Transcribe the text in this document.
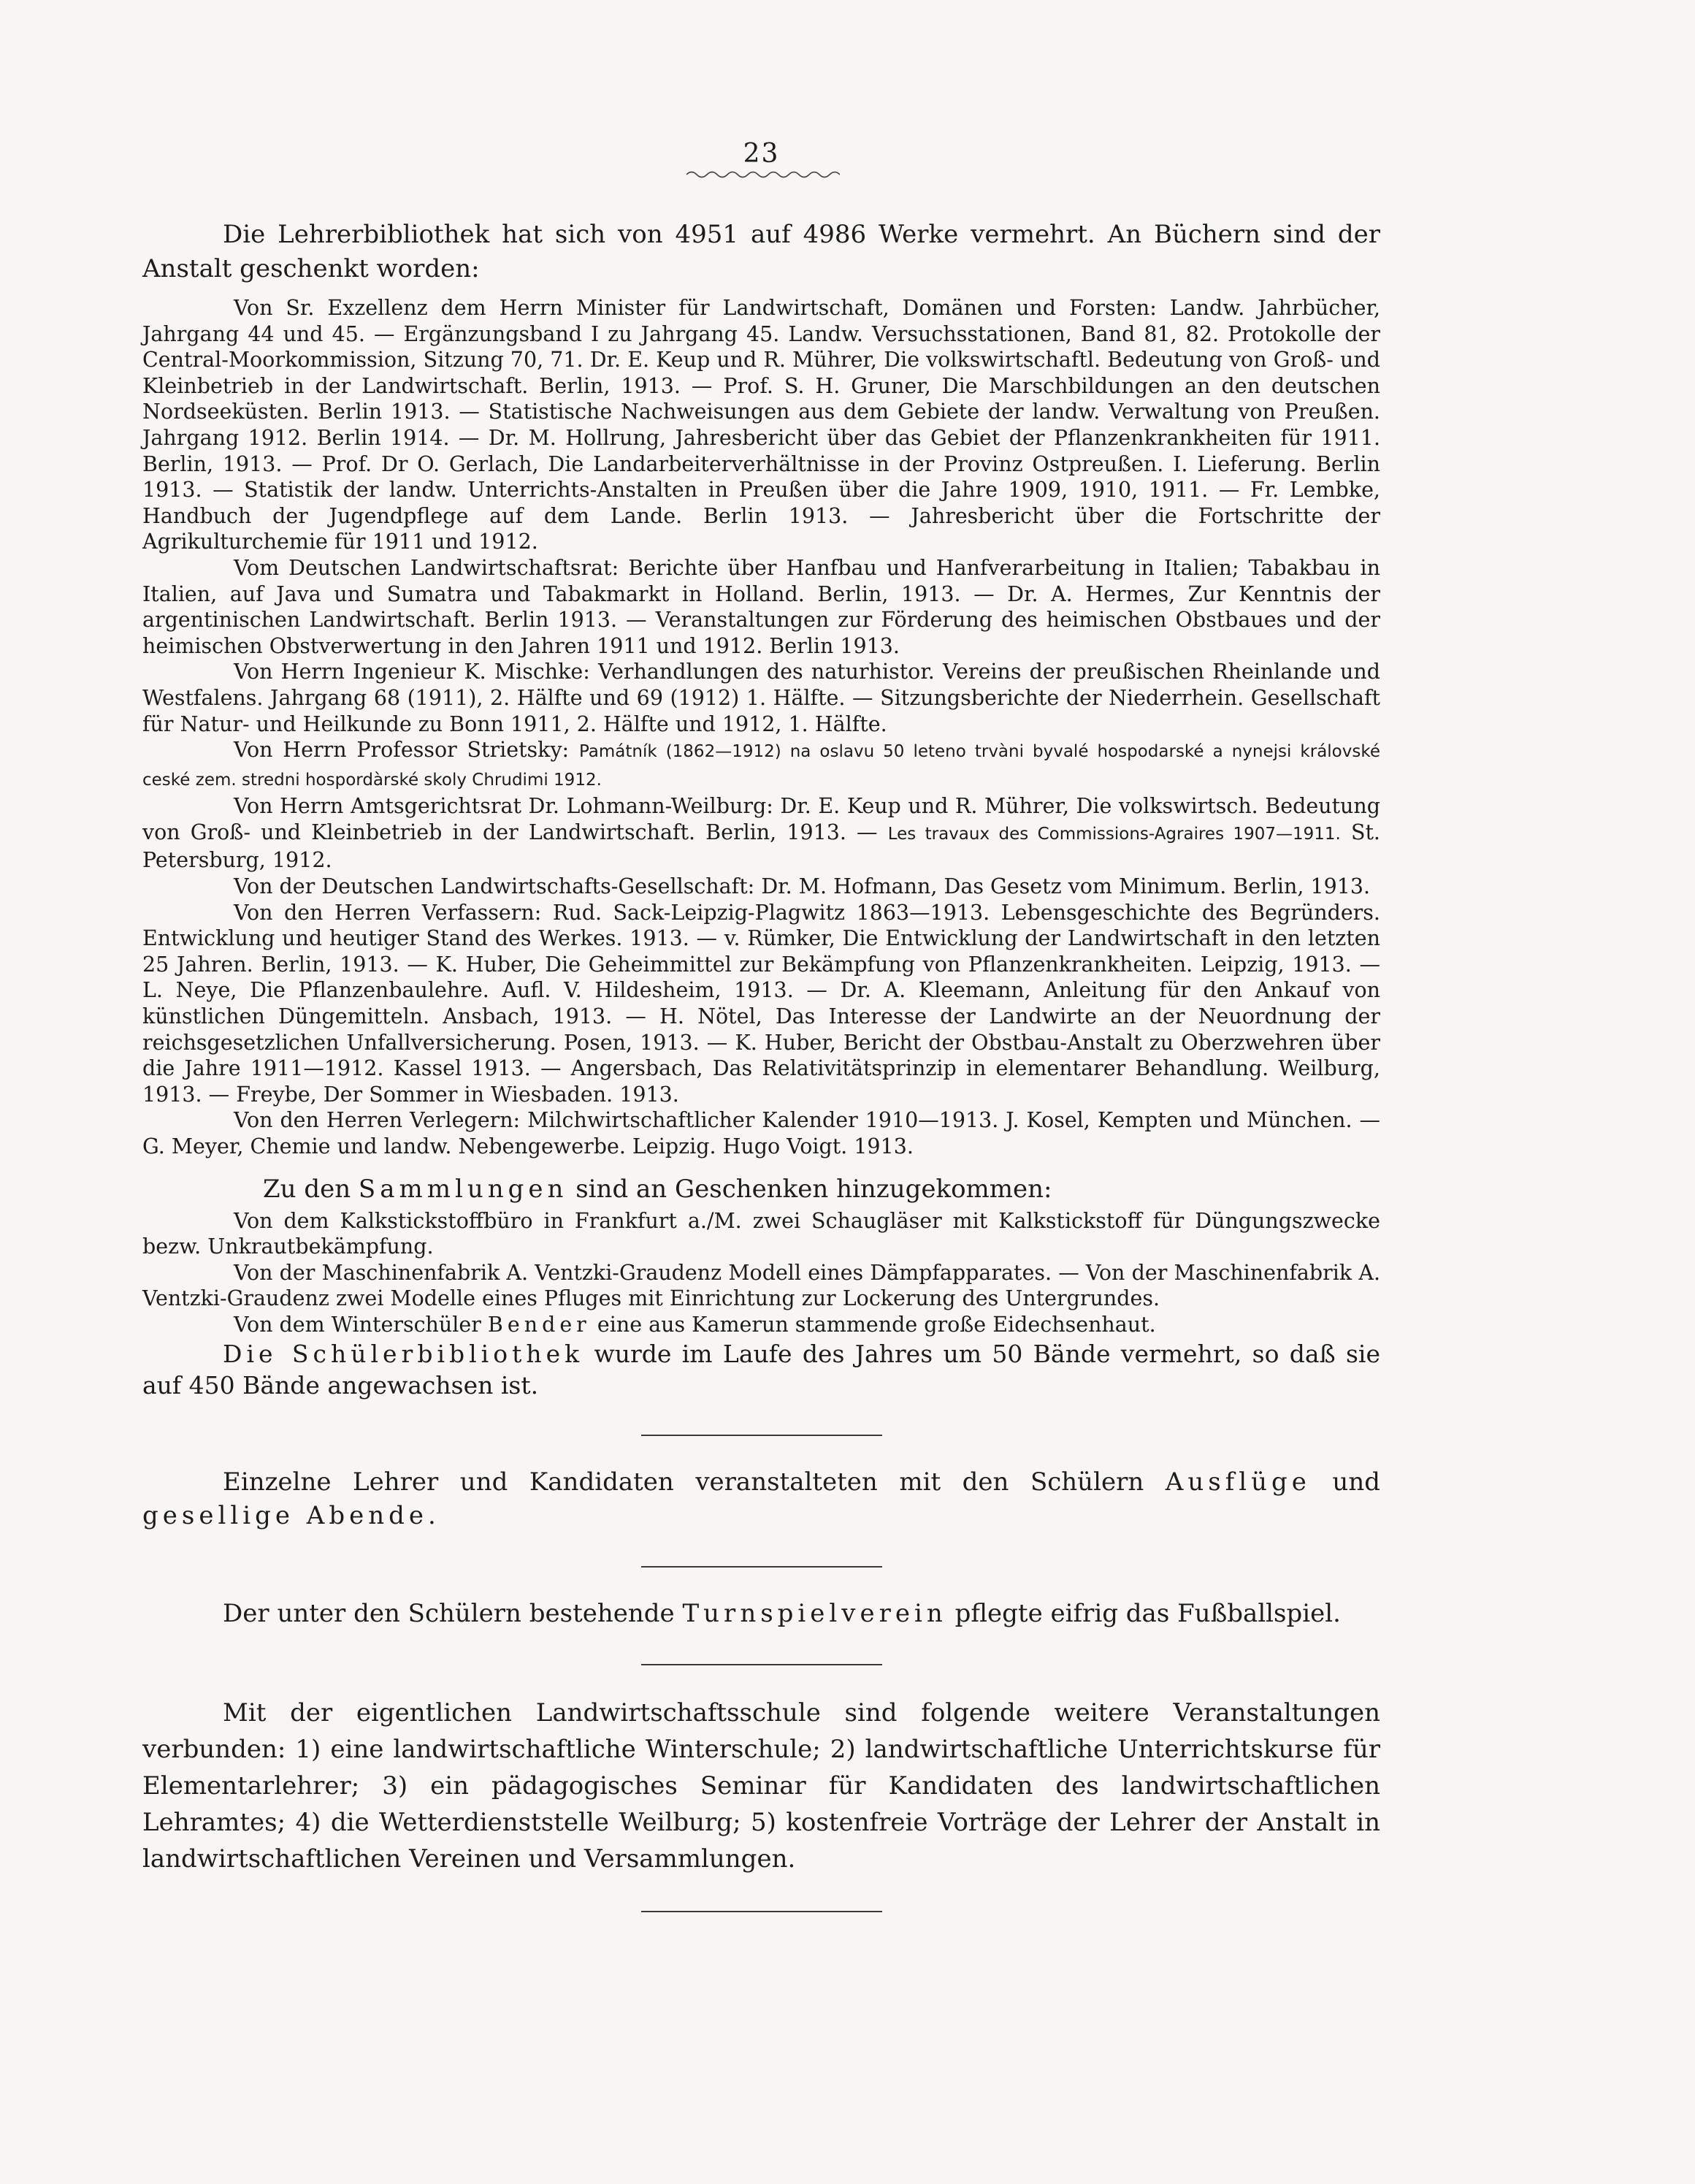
23

Die Lehrerbibliothek hat sich von 4951 auf 4986 Werke vermehrt. An Büchern sind der Anstalt geschenkt worden:

Von Sr. Exzellenz dem Herrn Minister für Landwirtschaft, Domänen und Forsten: Landw. Jahrbücher, Jahrgang 44 und 45. — Ergänzungsband I zu Jahrgang 45. Landw. Versuchsstationen, Band 81, 82. Protokolle der Central-Moorkommission, Sitzung 70, 71. Dr. E. Keup und R. Mührer, Die volkswirtschaftl. Bedeutung von Groß- und Kleinbetrieb in der Landwirtschaft. Berlin, 1913. — Prof. S. H. Gruner, Die Marschbildungen an den deutschen Nordseeküsten. Berlin 1913. — Statistische Nachweisungen aus dem Gebiete der landw. Verwaltung von Preußen. Jahrgang 1912. Berlin 1914. — Dr. M. Hollrung, Jahresbericht über das Gebiet der Pflanzenkrankheiten für 1911. Berlin, 1913. — Prof. Dr O. Gerlach, Die Landarbeiterverhältnisse in der Provinz Ostpreußen. I. Lieferung. Berlin 1913. — Statistik der landw. Unterrichts-Anstalten in Preußen über die Jahre 1909, 1910, 1911. — Fr. Lembke, Handbuch der Jugendpflege auf dem Lande. Berlin 1913. — Jahresbericht über die Fortschritte der Agrikulturchemie für 1911 und 1912.

Vom Deutschen Landwirtschaftsrat: Berichte über Hanfbau und Hanfverarbeitung in Italien; Tabakbau in Italien, auf Java und Sumatra und Tabakmarkt in Holland. Berlin, 1913. — Dr. A. Hermes, Zur Kenntnis der argentinischen Landwirtschaft. Berlin 1913. — Veranstaltungen zur Förderung des heimischen Obstbaues und der heimischen Obstverwertung in den Jahren 1911 und 1912. Berlin 1913.

Von Herrn Ingenieur K. Mischke: Verhandlungen des naturhistor. Vereins der preußischen Rheinlande und Westfalens. Jahrgang 68 (1911), 2. Hälfte und 69 (1912) 1. Hälfte. — Sitzungsberichte der Niederrhein. Gesellschaft für Natur- und Heilkunde zu Bonn 1911, 2. Hälfte und 1912, 1. Hälfte.

Von Herrn Professor Strietsky: Památník (1862—1912) na oslavu 50 leteno trvàni byvalé hospodarské a nynejsi královské ceské zem. stredni hospordàrské skoly Chrudimi 1912.

Von Herrn Amtsgerichtsrat Dr. Lohmann-Weilburg: Dr. E. Keup und R. Mührer, Die volkswirtsch. Bedeutung von Groß- und Kleinbetrieb in der Landwirtschaft. Berlin, 1913. — Les travaux des Commissions-Agraires 1907—1911. St. Petersburg, 1912.

Von der Deutschen Landwirtschafts-Gesellschaft: Dr. M. Hofmann, Das Gesetz vom Minimum. Berlin, 1913.

Von den Herren Verfassern: Rud. Sack-Leipzig-Plagwitz 1863—1913. Lebensgeschichte des Begründers. Entwicklung und heutiger Stand des Werkes. 1913. — v. Rümker, Die Entwicklung der Landwirtschaft in den letzten 25 Jahren. Berlin, 1913. — K. Huber, Die Geheimmittel zur Bekämpfung von Pflanzenkrankheiten. Leipzig, 1913. — L. Neye, Die Pflanzenbaulehre. Aufl. V. Hildesheim, 1913. — Dr. A. Kleemann, Anleitung für den Ankauf von künstlichen Düngemitteln. Ansbach, 1913. — H. Nötel, Das Interesse der Landwirte an der Neuordnung der reichsgesetzlichen Unfallversicherung. Posen, 1913. — K. Huber, Bericht der Obstbau-Anstalt zu Oberzwehren über die Jahre 1911—1912. Kassel 1913. — Angersbach, Das Relativitätsprinzip in elementarer Behandlung. Weilburg, 1913. — Freybe, Der Sommer in Wiesbaden. 1913.

Von den Herren Verlegern: Milchwirtschaftlicher Kalender 1910—1913. J. Kosel, Kempten und München. — G. Meyer, Chemie und landw. Nebengewerbe. Leipzig. Hugo Voigt. 1913.

Zu den Sammlungen sind an Geschenken hinzugekommen:

Von dem Kalkstickstoffbüro in Frankfurt a./M. zwei Schaugläser mit Kalkstickstoff für Düngungszwecke bezw. Unkrautbekämpfung.

Von der Maschinenfabrik A. Ventzki-Graudenz Modell eines Dämpfapparates. — Von der Maschinenfabrik A. Ventzki-Graudenz zwei Modelle eines Pfluges mit Einrichtung zur Lockerung des Untergrundes.

Von dem Winterschüler Bender eine aus Kamerun stammende große Eidechsenhaut.

Die Schülerbibliothek wurde im Laufe des Jahres um 50 Bände vermehrt, so daß sie auf 450 Bände angewachsen ist.

Einzelne Lehrer und Kandidaten veranstalteten mit den Schülern Ausflüge und gesellige Abende.

Der unter den Schülern bestehende Turnspielverein pflegte eifrig das Fußballspiel.

Mit der eigentlichen Landwirtschaftsschule sind folgende weitere Veranstaltungen verbunden: 1) eine landwirtschaftliche Winterschule; 2) landwirtschaftliche Unterrichtskurse für Elementarlehrer; 3) ein pädagogisches Seminar für Kandidaten des landwirtschaftlichen Lehramtes; 4) die Wetterdienststelle Weilburg; 5) kostenfreie Vorträge der Lehrer der Anstalt in landwirtschaftlichen Vereinen und Versammlungen.
